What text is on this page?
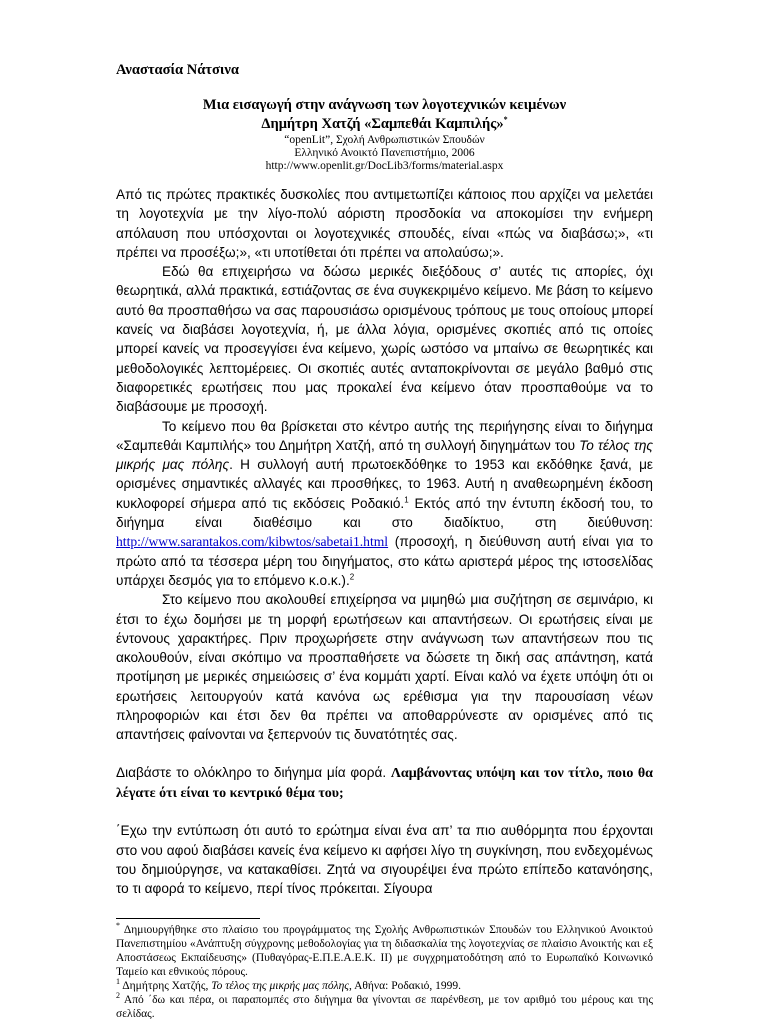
Αναστασία Νάτσινα
Μια εισαγωγή στην ανάγνωση των λογοτεχνικών κειμένων
Δημήτρη Χατζή «Σαμπεθάι Καμπιλής»*
“openLit”, Σχολή Ανθρωπιστικών Σπουδών
Ελληνικό Ανοικτό Πανεπιστήμιο, 2006
http://www.openlit.gr/DocLib3/forms/material.aspx

Από τις πρώτες πρακτικές δυσκολίες που αντιμετωπίζει κάποιος που αρχίζει να μελετάει τη λογοτεχνία με την λίγο-πολύ αόριστη προσδοκία να αποκομίσει την ενήμερη απόλαυση που υπόσχονται οι λογοτεχνικές σπουδές, είναι «πώς να διαβάσω;», «τι πρέπει να προσέξω;», «τι υποτίθεται ότι πρέπει να απολαύσω;».

Εδώ θα επιχειρήσω να δώσω μερικές διεξόδους σ’ αυτές τις απορίες, όχι θεωρητικά, αλλά πρακτικά, εστιάζοντας σε ένα συγκεκριμένο κείμενο. Με βάση το κείμενο αυτό θα προσπαθήσω να σας παρουσιάσω ορισμένους τρόπους με τους οποίους μπορεί κανείς να διαβάσει λογοτεχνία, ή, με άλλα λόγια, ορισμένες σκοπιές από τις οποίες μπορεί κανείς να προσεγγίσει ένα κείμενο, χωρίς ωστόσο να μπαίνω σε θεωρητικές και μεθοδολογικές λεπτομέρειες. Οι σκοπιές αυτές ανταποκρίνονται σε μεγάλο βαθμό στις διαφορετικές ερωτήσεις που μας προκαλεί ένα κείμενο όταν προσπαθούμε να το διαβάσουμε με προσοχή.

Το κείμενο που θα βρίσκεται στο κέντρο αυτής της περιήγησης είναι το διήγημα «Σαμπεθάι Καμπιλής» του Δημήτρη Χατζή, από τη συλλογή διηγημάτων του Το τέλος της μικρής μας πόλης. Η συλλογή αυτή πρωτοεκδόθηκε το 1953 και εκδόθηκε ξανά, με ορισμένες σημαντικές αλλαγές και προσθήκες, το 1963. Αυτή η αναθεωρημένη έκδοση κυκλοφορεί σήμερα από τις εκδόσεις Ροδακιό.$^1$ Εκτός από την έντυπη έκδοσή του, το διήγημα είναι διαθέσιμο και στο διαδίκτυο, στη διεύθυνση: http://www.sarantakos.com/kibwtos/sabetai1.html (προσοχή, η διεύθυνση αυτή είναι για το πρώτο από τα τέσσερα μέρη του διηγήματος, στο κάτω αριστερά μέρος της ιστοσελίδας υπάρχει δεσμός για το επόμενο κ.ο.κ.).$^2$

Στο κείμενο που ακολουθεί επιχείρησα να μιμηθώ μια συζήτηση σε σεμινάριο, κι έτσι το έχω δομήσει με τη μορφή ερωτήσεων και απαντήσεων. Οι ερωτήσεις είναι με έντονους χαρακτήρες. Πριν προχωρήσετε στην ανάγνωση των απαντήσεων που τις ακολουθούν, είναι σκόπιμο να προσπαθήσετε να δώσετε τη δική σας απάντηση, κατά προτίμηση με μερικές σημειώσεις σ’ ένα κομμάτι χαρτί. Είναι καλό να έχετε υπόψη ότι οι ερωτήσεις λειτουργούν κατά κανόνα ως ερέθισμα για την παρουσίαση νέων πληροφοριών και έτσι δεν θα πρέπει να αποθαρρύνεστε αν ορισμένες από τις απαντήσεις φαίνονται να ξεπερνούν τις δυνατότητές σας.

Διαβάστε το ολόκληρο το διήγημα μία φορά. Λαμβάνοντας υπόψη και τον τίτλο, ποιο θα λέγατε ότι είναι το κεντρικό θέμα του;

΄Εχω την εντύπωση ότι αυτό το ερώτημα είναι ένα απ’ τα πιο αυθόρμητα που έρχονται στο νου αφού διαβάσει κανείς ένα κείμενο κι αφήσει λίγο τη συγκίνηση, που ενδεχομένως του δημιούργησε, να κατακαθίσει. Ζητά να σιγουρέψει ένα πρώτο επίπεδο κατανόησης, το τι αφορά το κείμενο, περί τίνος πρόκειται. Σίγουρα

* Δημιουργήθηκε στο πλαίσιο του προγράμματος της Σχολής Ανθρωπιστικών Σπουδών του Ελληνικού Ανοικτού Πανεπιστημίου «Ανάπτυξη σύγχρονης μεθοδολογίας για τη διδασκαλία της λογοτεχνίας σε πλαίσιο Ανοικτής και εξ Αποστάσεως Εκπαίδευσης» (Πυθαγόρας-Ε.Π.Ε.Α.Ε.Κ. ΙΙ) με συγχρηματοδότηση από το Ευρωπαϊκό Κοινωνικό Ταμείο και εθνικούς πόρους.

$^1$ Δημήτρης Χατζής, Το τέλος της μικρής μας πόλης, Αθήνα: Ροδακιό, 1999.

$^2$ Από ΄δω και πέρα, οι παραπομπές στο διήγημα θα γίνονται σε παρένθεση, με τον αριθμό του μέρους και της σελίδας.
